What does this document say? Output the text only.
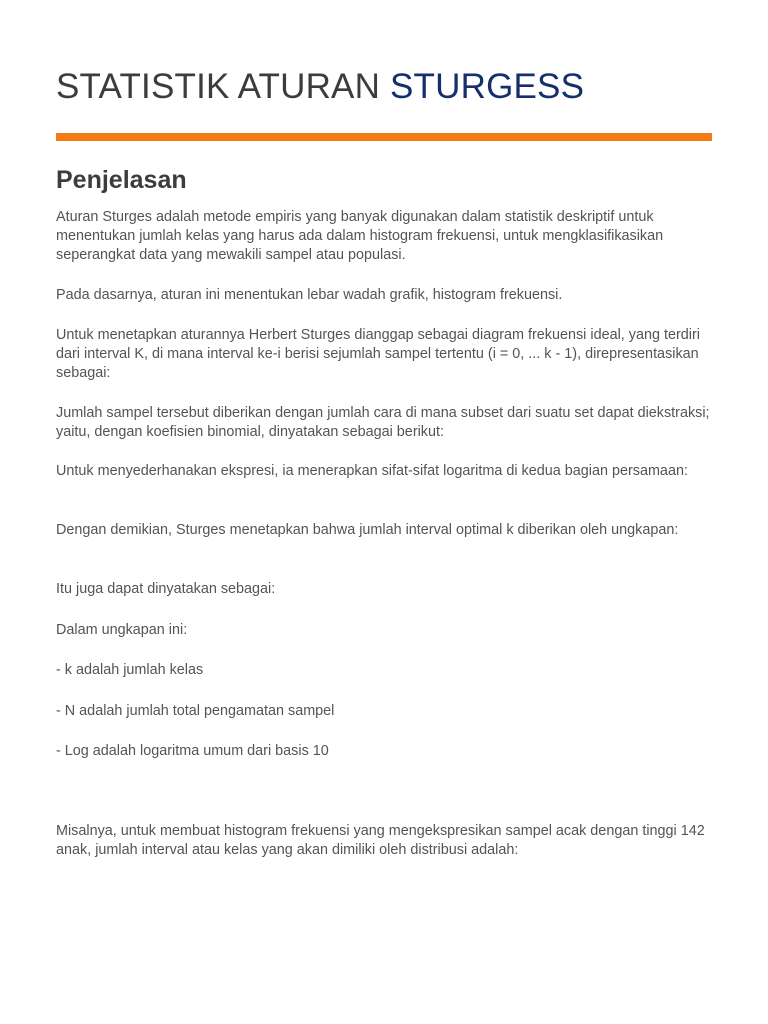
STATISTIK ATURAN STURGESS
Penjelasan

Aturan Sturges adalah metode empiris yang banyak digunakan dalam statistik deskriptif untuk menentukan jumlah kelas yang harus ada dalam histogram frekuensi, untuk mengklasifikasikan seperangkat data yang mewakili sampel atau populasi.

Pada dasarnya, aturan ini menentukan lebar wadah grafik, histogram frekuensi.

Untuk menetapkan aturannya Herbert Sturges dianggap sebagai diagram frekuensi ideal, yang terdiri dari interval K, di mana interval ke-i berisi sejumlah sampel tertentu (i = 0, ... k - 1), direpresentasikan sebagai:

Jumlah sampel tersebut diberikan dengan jumlah cara di mana subset dari suatu set dapat diekstraksi; yaitu, dengan koefisien binomial, dinyatakan sebagai berikut:

Untuk menyederhanakan ekspresi, ia menerapkan sifat-sifat logaritma di kedua bagian persamaan:

Dengan demikian, Sturges menetapkan bahwa jumlah interval optimal k diberikan oleh ungkapan:

Itu juga dapat dinyatakan sebagai:

Dalam ungkapan ini:

- k adalah jumlah kelas

- N adalah jumlah total pengamatan sampel

- Log adalah logaritma umum dari basis 10

Misalnya, untuk membuat histogram frekuensi yang mengekspresikan sampel acak dengan tinggi 142 anak, jumlah interval atau kelas yang akan dimiliki oleh distribusi adalah:
